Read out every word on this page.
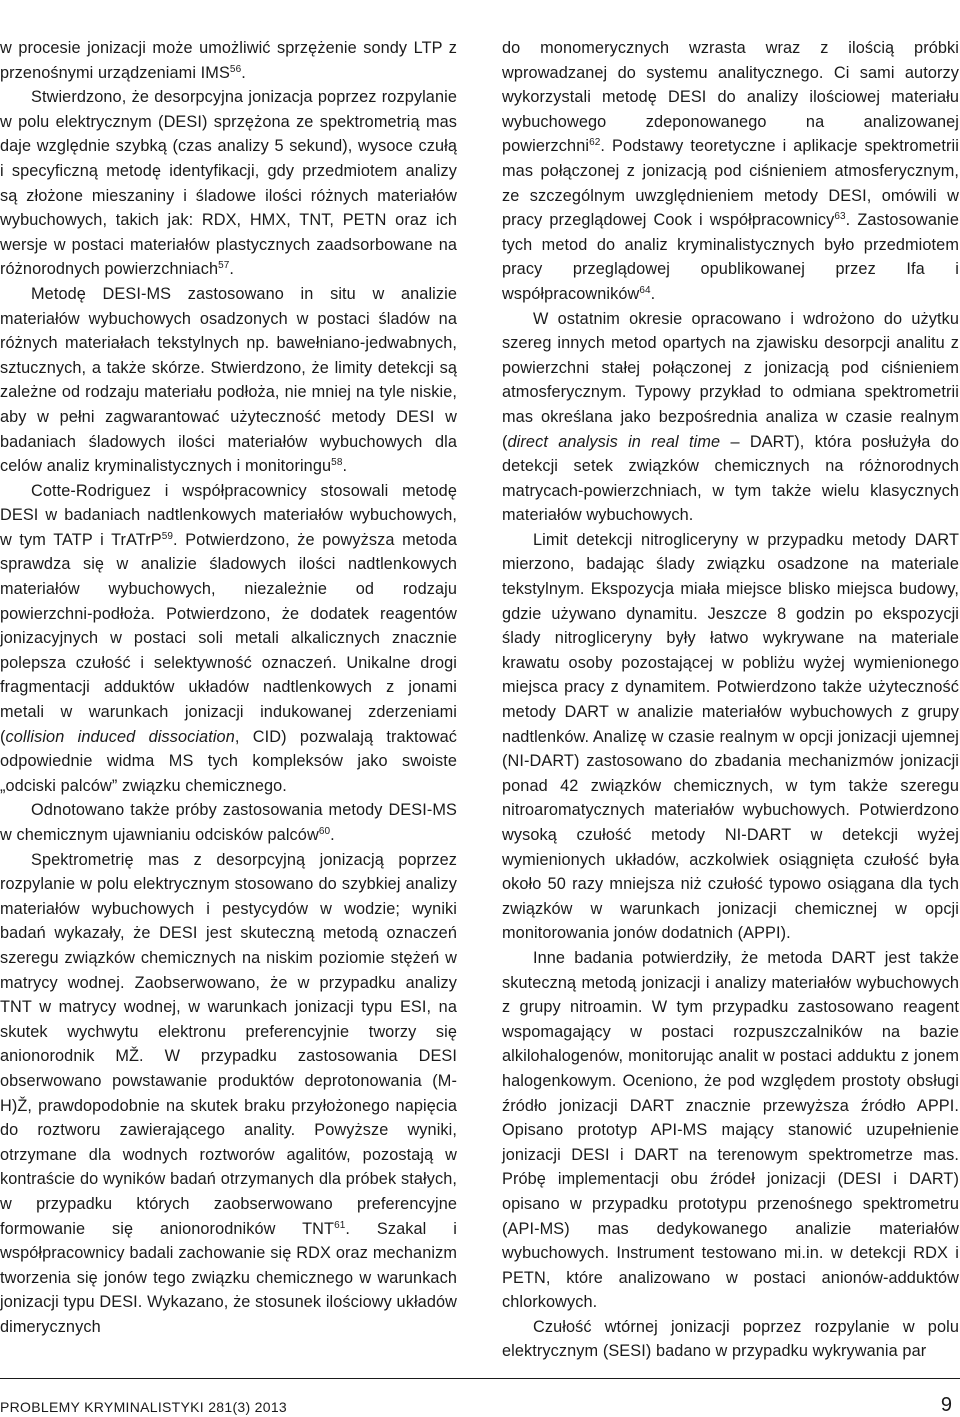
w procesie jonizacji może umożliwić sprzężenie sondy LTP z przenośnymi urządzeniami IMS$^{56}$.

Stwierdzono, że desorpcyjna jonizacja poprzez rozpylanie w polu elektrycznym (DESI) sprzężona ze spektrometrią mas daje względnie szybką (czas analizy 5 sekund), wysoce czułą i specyficzną metodę identyfikacji, gdy przedmiotem analizy są złożone mieszaniny i śladowe ilości różnych materiałów wybuchowych, takich jak: RDX, HMX, TNT, PETN oraz ich wersje w postaci materiałów plastycznych zaadsorbowane na różnorodnych powierzchniach$^{57}$.

Metodę DESI-MS zastosowano in situ w analizie materiałów wybuchowych osadzonych w postaci śladów na różnych materiałach tekstylnych np. bawełniano-jedwabnych, sztucznych, a także skórze. Stwierdzono, że limity detekcji są zależne od rodzaju materiału podłoża, nie mniej na tyle niskie, aby w pełni zagwarantować użyteczność metody DESI w badaniach śladowych ilości materiałów wybuchowych dla celów analiz kryminalistycznych i monitoringu$^{58}$.

Cotte-Rodriguez i współpracownicy stosowali metodę DESI w badaniach nadtlenkowych materiałów wybuchowych, w tym TATP i TrATrP$^{59}$. Potwierdzono, że powyższa metoda sprawdza się w analizie śladowych ilości nadtlenkowych materiałów wybuchowych, niezależnie od rodzaju powierzchni-podłoża. Potwierdzono, że dodatek reagentów jonizacyjnych w postaci soli metali alkalicznych znacznie polepsza czułość i selektywność oznaczeń. Unikalne drogi fragmentacji adduktów układów nadtlenkowych z jonami metali w warunkach jonizacji indukowanej zderzeniami (collision induced dissociation, CID) pozwalają traktować odpowiednie widma MS tych kompleksów jako swoiste „odciski palców” związku chemicznego.

Odnotowano także próby zastosowania metody DESI-MS w chemicznym ujawnianiu odcisków palców$^{60}$.

Spektrometrię mas z desorpcyjną jonizacją poprzez rozpylanie w polu elektrycznym stosowano do szybkiej analizy materiałów wybuchowych i pestycydów w wodzie; wyniki badań wykazały, że DESI jest skuteczną metodą oznaczeń szeregu związków chemicznych na niskim poziomie stężeń w matrycy wodnej. Zaobserwowano, że w przypadku analizy TNT w matrycy wodnej, w warunkach jonizacji typu ESI, na skutek wychwytu elektronu preferencyjnie tworzy się anionorodnik MŽ. W przypadku zastosowania DESI obserwowano powstawanie produktów deprotonowania (M-H)Ž, prawdopodobnie na skutek braku przyłożonego napięcia do roztworu zawierającego anality. Powyższe wyniki, otrzymane dla wodnych roztworów agalitów, pozostają w kontraście do wyników badań otrzymanych dla próbek stałych, w przypadku których zaobserwowano preferencyjne formowanie się anionorodników TNT$^{61}$. Szakal i współpracownicy badali zachowanie się RDX oraz mechanizm tworzenia się jonów tego związku chemicznego w warunkach jonizacji typu DESI. Wykazano, że stosunek ilościowy układów dimerycznych

do monomerycznych wzrasta wraz z ilością próbki wprowadzanej do systemu analitycznego. Ci sami autorzy wykorzystali metodę DESI do analizy ilościowej materiału wybuchowego zdeponowanego na analizowanej powierzchni$^{62}$. Podstawy teoretyczne i aplikacje spektrometrii mas połączonej z jonizacją pod ciśnieniem atmosferycznym, ze szczególnym uwzględnieniem metody DESI, omówili w pracy przeglądowej Cook i współpracownicy$^{63}$. Zastosowanie tych metod do analiz kryminalistycznych było przedmiotem pracy przeglądowej opublikowanej przez Ifa i współpracowników$^{64}$.

W ostatnim okresie opracowano i wdrożono do użytku szereg innych metod opartych na zjawisku desorpcji analitu z powierzchni stałej połączonej z jonizacją pod ciśnieniem atmosferycznym. Typowy przykład to odmiana spektrometrii mas określana jako bezpośrednia analiza w czasie realnym (direct analysis in real time – DART), która posłużyła do detekcji setek związków chemicznych na różnorodnych matrycach-powierzchniach, w tym także wielu klasycznych materiałów wybuchowych.

Limit detekcji nitrogliceryny w przypadku metody DART mierzono, badając ślady związku osadzone na materiale tekstylnym. Ekspozycja miała miejsce blisko miejsca budowy, gdzie używano dynamitu. Jeszcze 8 godzin po ekspozycji ślady nitrogliceryny były łatwo wykrywane na materiale krawatu osoby pozostającej w pobliżu wyżej wymienionego miejsca pracy z dynamitem. Potwierdzono także użyteczność metody DART w analizie materiałów wybuchowych z grupy nadtlenków. Analizę w czasie realnym w opcji jonizacji ujemnej (NI-DART) zastosowano do zbadania mechanizmów jonizacji ponad 42 związków chemicznych, w tym także szeregu nitroaromatycznych materiałów wybuchowych. Potwierdzono wysoką czułość metody NI-DART w detekcji wyżej wymienionych układów, aczkolwiek osiągnięta czułość była około 50 razy mniejsza niż czułość typowo osiągana dla tych związków w warunkach jonizacji chemicznej w opcji monitorowania jonów dodatnich (APPI).

Inne badania potwierdziły, że metoda DART jest także skuteczną metodą jonizacji i analizy materiałów wybuchowych z grupy nitroamin. W tym przypadku zastosowano reagent wspomagający w postaci rozpuszczalników na bazie alkilohalogenów, monitorując analit w postaci adduktu z jonem halogenkowym. Oceniono, że pod względem prostoty obsługi źródło jonizacji DART znacznie przewyższa źródło APPI. Opisano prototyp API-MS mający stanowić uzupełnienie jonizacji DESI i DART na terenowym spektrometrze mas. Próbę implementacji obu źródeł jonizacji (DESI i DART) opisano w przypadku prototypu przenośnego spektrometru (API-MS) mas dedykowanego analizie materiałów wybuchowych. Instrument testowano mi.in. w detekcji RDX i PETN, które analizowano w postaci anionów-adduktów chlorkowych.

Czułość wtórnej jonizacji poprzez rozpylanie w polu elektrycznym (SESI) badano w przypadku wykrywania par

PROBLEMY KRYMINALISTYKI 281(3) 2013	9
